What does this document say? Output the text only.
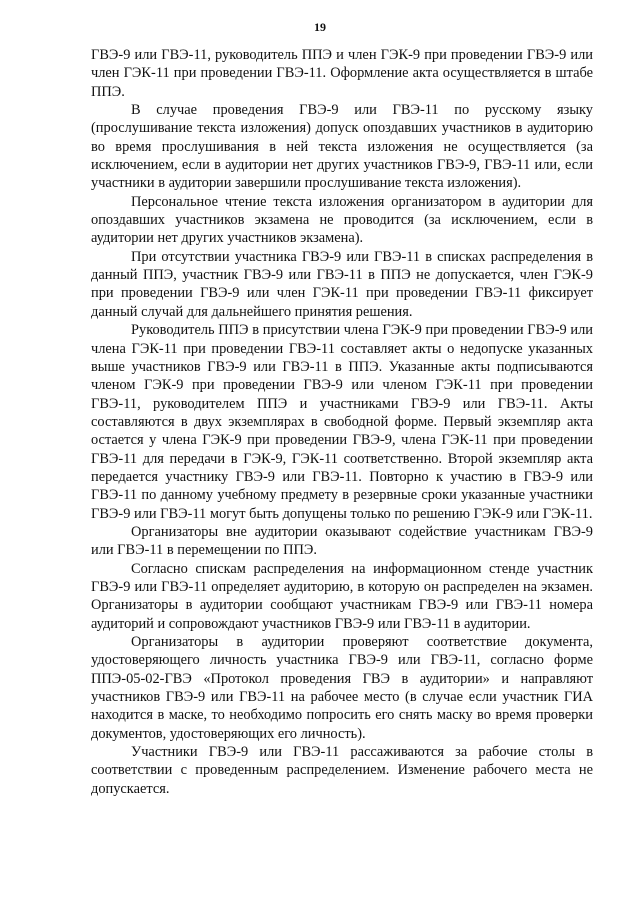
19

ГВЭ-9 или ГВЭ-11, руководитель ППЭ и член ГЭК-9 при проведении ГВЭ-9 или член ГЭК-11 при проведении ГВЭ-11. Оформление акта осуществляется в штабе ППЭ.

В случае проведения ГВЭ-9 или ГВЭ-11 по русскому языку (прослушивание текста изложения) допуск опоздавших участников в аудиторию во время прослушивания в ней текста изложения не осуществляется (за исключением, если в аудитории нет других участников ГВЭ-9, ГВЭ-11 или, если участники в аудитории завершили прослушивание текста изложения).

Персональное чтение текста изложения организатором в аудитории для опоздавших участников экзамена не проводится (за исключением, если в аудитории нет других участников экзамена).

При отсутствии участника ГВЭ-9 или ГВЭ-11 в списках распределения в данный ППЭ, участник ГВЭ-9 или ГВЭ-11 в ППЭ не допускается, член ГЭК-9 при проведении ГВЭ-9 или член ГЭК-11 при проведении ГВЭ-11 фиксирует данный случай для дальнейшего принятия решения.

Руководитель ППЭ в присутствии члена ГЭК-9 при проведении ГВЭ-9 или члена ГЭК-11 при проведении ГВЭ-11 составляет акты о недопуске указанных выше участников ГВЭ-9 или ГВЭ-11 в ППЭ. Указанные акты подписываются членом ГЭК-9 при проведении ГВЭ-9 или членом ГЭК-11 при проведении ГВЭ-11, руководителем ППЭ и участниками ГВЭ-9 или ГВЭ-11. Акты составляются в двух экземплярах в свободной форме. Первый экземпляр акта остается у члена ГЭК-9 при проведении ГВЭ-9, члена ГЭК-11 при проведении ГВЭ-11 для передачи в ГЭК-9, ГЭК-11 соответственно. Второй экземпляр акта передается участнику ГВЭ-9 или ГВЭ-11. Повторно к участию в ГВЭ-9 или ГВЭ-11 по данному учебному предмету в резервные сроки указанные участники ГВЭ-9 или ГВЭ-11 могут быть допущены только по решению ГЭК-9 или ГЭК-11.

Организаторы вне аудитории оказывают содействие участникам ГВЭ-9 или ГВЭ-11 в перемещении по ППЭ.

Согласно спискам распределения на информационном стенде участник ГВЭ-9 или ГВЭ-11 определяет аудиторию, в которую он распределен на экзамен. Организаторы в аудитории сообщают участникам ГВЭ-9 или ГВЭ-11 номера аудиторий и сопровождают участников ГВЭ-9 или ГВЭ-11 в аудитории.

Организаторы в аудитории проверяют соответствие документа, удостоверяющего личность участника ГВЭ-9 или ГВЭ-11, согласно форме ППЭ-05-02-ГВЭ «Протокол проведения ГВЭ в аудитории» и направляют участников ГВЭ-9 или ГВЭ-11 на рабочее место (в случае если участник ГИА находится в маске, то необходимо попросить его снять маску во время проверки документов, удостоверяющих его личность).

Участники ГВЭ-9 или ГВЭ-11 рассаживаются за рабочие столы в соответствии с проведенным распределением. Изменение рабочего места не допускается.
